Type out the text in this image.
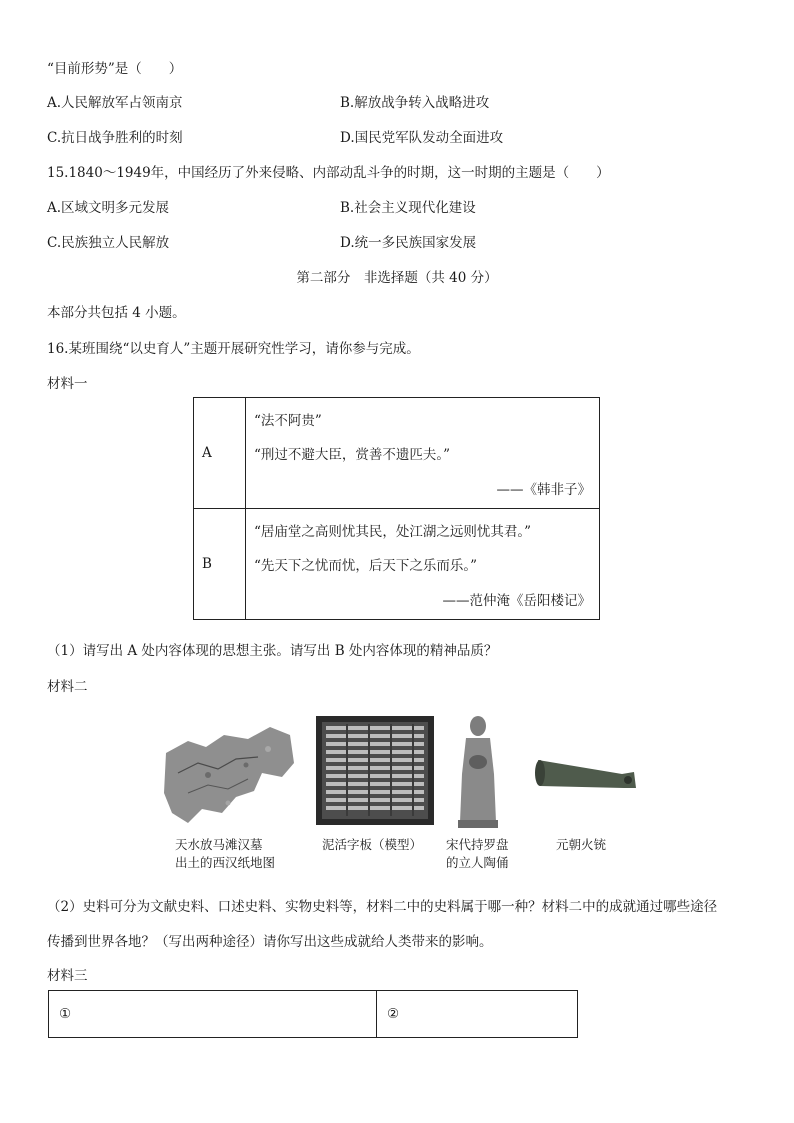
“目前形势”是（　　）
A.人民解放军占领南京	B.解放战争转入战略进攻
C.抗日战争胜利的时刻	D.国民党军队发动全面进攻
15.1840～1949年，中国经历了外来侵略、内部动乱斗争的时期，这一时期的主题是（　　）
A.区域文明多元发展	B.社会主义现代化建设
C.民族独立人民解放	D.统一多民族国家发展
第二部分　非选择题（共 40 分）
本部分共包括 4 小题。
16.某班围绕“以史育人”主题开展研究性学习，请你参与完成。
材料一
A	“法不阿贵”
“刑过不避大臣，赏善不遗匹夫。”
——《韩非子》

B	“居庙堂之高则忧其民，处江湖之远则忧其君。”
“先天下之忧而忧，后天下之乐而乐。”
——范仲淹《岳阳楼记》
（1）请写出 A 处内容体现的思想主张。请写出 B 处内容体现的精神品质？
材料二
天水放马滩汉墓
出土的西汉纸地图
泥活字板（模型） 宋代持罗盘
的立人陶俑
元朝火铳
（2）史料可分为文献史料、口述史料、实物史料等，材料二中的史料属于哪一种？材料二中的成就通过哪些途径
传播到世界各地？（写出两种途径）请你写出这些成就给人类带来的影响。
材料三
①	②
